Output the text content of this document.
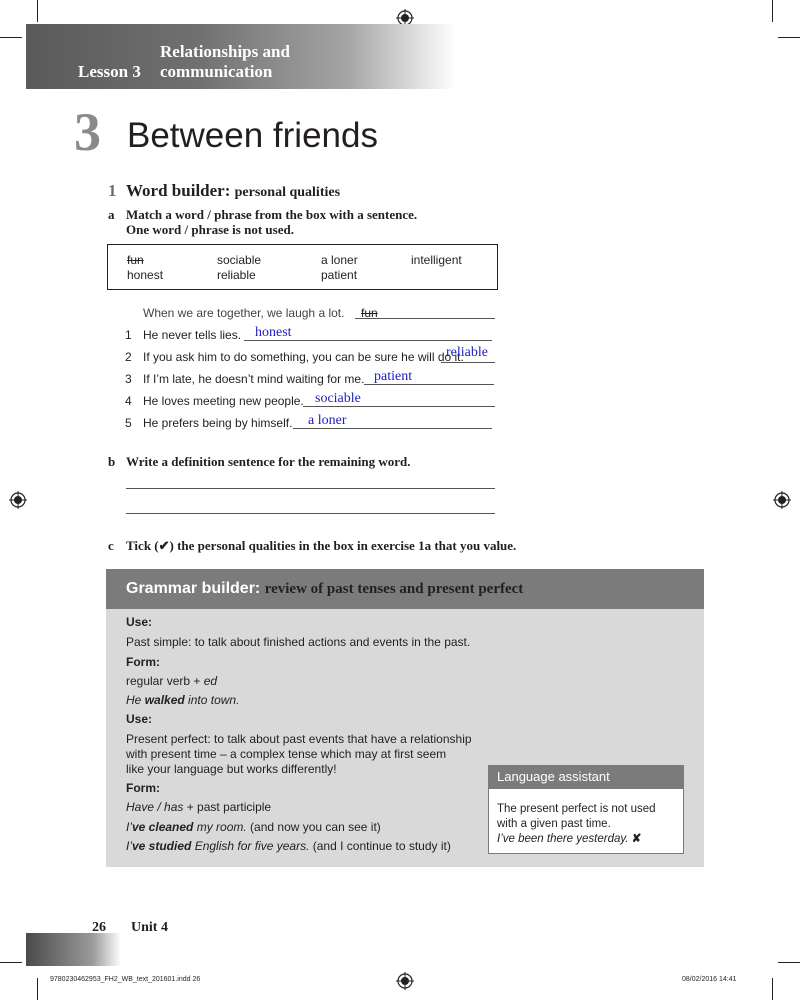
Lesson 3
Relationships and
communication
3 Between friends
1 Word builder: personal qualities
a Match a word / phrase from the box with a sentence.
One word / phrase is not used.
fun	sociable	a loner	intelligent
honest	reliable	patient
When we are together, we laugh a lot. fun
1 He never tells lies. honest
2 If you ask him to do something, you can be sure he will do it.
reliable
3 If I’m late, he doesn’t mind waiting for me. patient
4 He loves meeting new people. sociable
5 He prefers being by himself. a loner
b Write a definition sentence for the remaining word.
c Tick (✔) the personal qualities in the box in exercise 1a that you value.
Grammar builder: review of past tenses and present perfect
Use:
Past simple: to talk about finished actions and events in the past.
Form:
regular verb + ed
He walked into town.
Use:
Present perfect: to talk about past events that have a relationship
with present time – a complex tense which may at first seem
like your language but works differently!
Form:
Have / has + past participle
I’ve cleaned my room. (and now you can see it)
I’ve studied English for five years. (and I continue to study it)
Language assistant
The present perfect is not used
with a given past time.
I’ve been there yesterday. ✘
26 Unit 4
9780230462953_FH2_WB_text_201601.indd 26	08/02/2016 14:41
